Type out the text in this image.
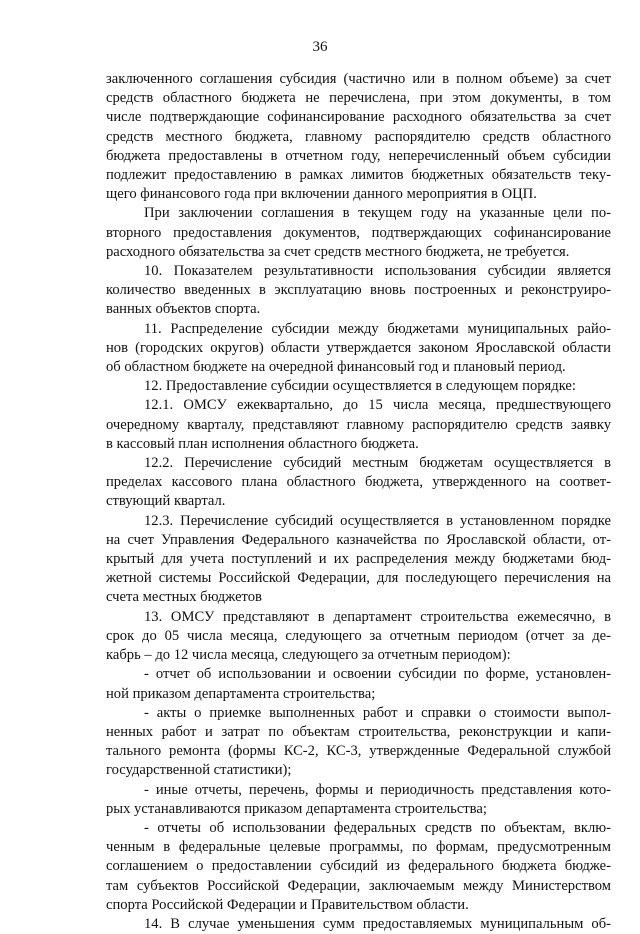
36

заключенного соглашения субсидия (частично или в полном объеме) за счет
средств областного бюджета не перечислена, при этом документы, в том
числе подтверждающие софинансирование расходного обязательства за счет
средств местного бюджета, главному распорядителю средств областного
бюджета предоставлены в отчетном году, неперечисленный объем субсидии
подлежит предоставлению в рамках лимитов бюджетных обязательств теку-
щего финансового года при включении данного мероприятия в ОЦП.

При заключении соглашения в текущем году на указанные цели по-
вторного предоставления документов, подтверждающих софинансирование
расходного обязательства за счет средств местного бюджета, не требуется.

10. Показателем результативности использования субсидии является
количество введенных в эксплуатацию вновь построенных и реконструиро-
ванных объектов спорта.

11. Распределение субсидии между бюджетами муниципальных райо-
нов (городских округов) области утверждается законом Ярославской области
об областном бюджете на очередной финансовый год и плановый период.

12. Предоставление субсидии осуществляется в следующем порядке:

12.1. ОМСУ ежеквартально, до 15 числа месяца, предшествующего
очередному кварталу, представляют главному распорядителю средств заявку
в кассовый план исполнения областного бюджета.

12.2. Перечисление субсидий местным бюджетам осуществляется в
пределах кассового плана областного бюджета, утвержденного на соответ-
ствующий квартал.

12.3. Перечисление субсидий осуществляется в установленном порядке
на счет Управления Федерального казначейства по Ярославской области, от-
крытый для учета поступлений и их распределения между бюджетами бюд-
жетной системы Российской Федерации, для последующего перечисления на
счета местных бюджетов

13. ОМСУ представляют в департамент строительства ежемесячно, в
срок до 05 числа месяца, следующего за отчетным периодом (отчет за де-
кабрь – до 12 числа месяца, следующего за отчетным периодом):

- отчет об использовании и освоении субсидии по форме, установлен-
ной приказом департамента строительства;

- акты о приемке выполненных работ и справки о стоимости выпол-
ненных работ и затрат по объектам строительства, реконструкции и капи-
тального ремонта (формы КС-2, КС-3, утвержденные Федеральной службой
государственной статистики);

- иные отчеты, перечень, формы и периодичность представления кото-
рых устанавливаются приказом департамента строительства;

- отчеты об использовании федеральных средств по объектам, вклю-
ченным в федеральные целевые программы, по формам, предусмотренным
соглашением о предоставлении субсидий из федерального бюджета бюдже-
там субъектов Российской Федерации, заключаемым между Министерством
спорта Российской Федерации и Правительством области.

14. В случае уменьшения сумм предоставляемых муниципальным об-
